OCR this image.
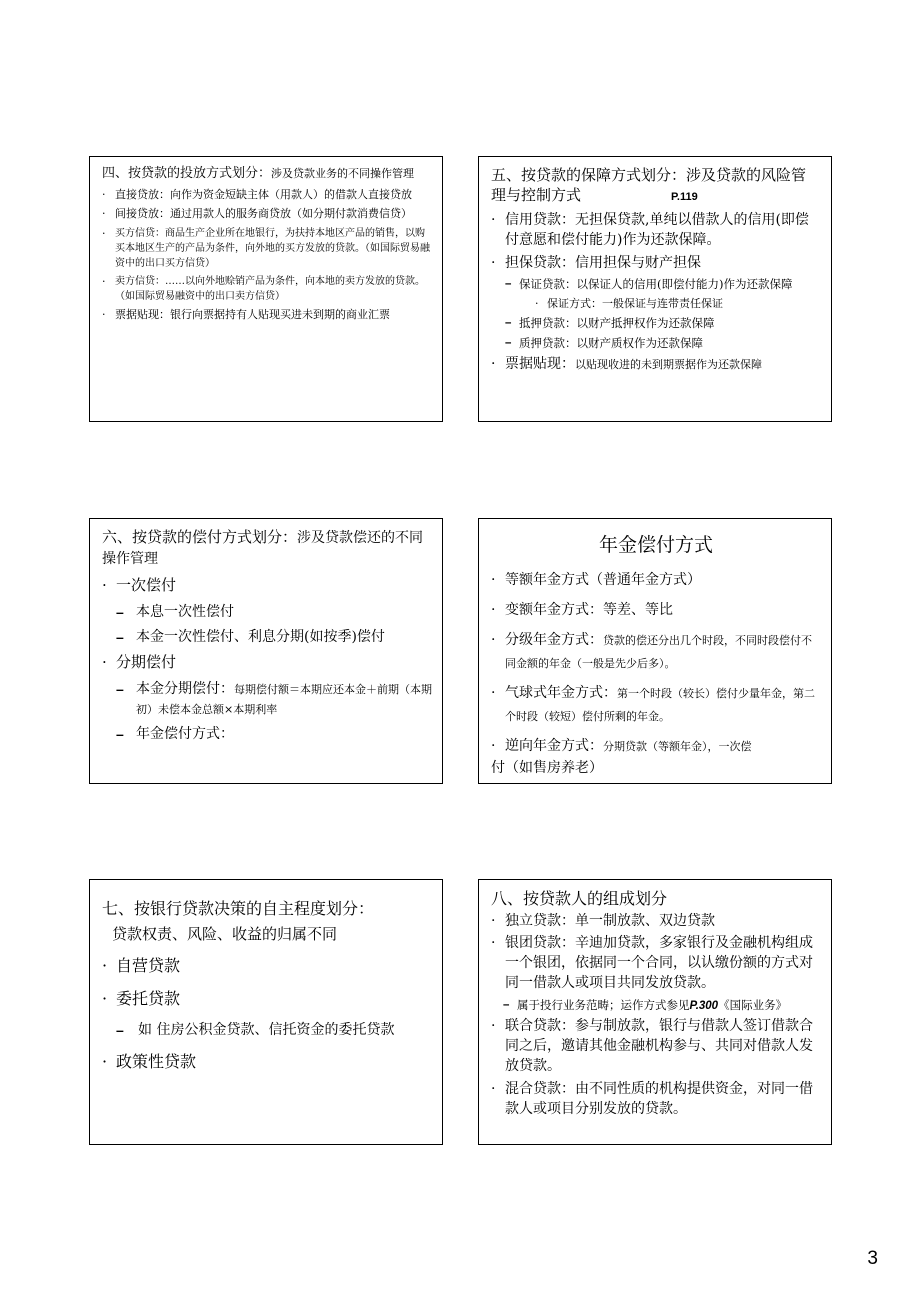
四、按贷款的投放方式划分：涉及贷款业务的不同操作管理
· 直接贷放：向作为资金短缺主体（用款人）的借款人直接贷放
· 间接贷放：通过用款人的服务商贷放（如分期付款消费信贷）
· 买方信贷：商品生产企业所在地银行，为扶持本地区产品的销售，以购买本地区生产的产品为条件，向外地的买方发放的贷款。（如国际贸易融资中的出口买方信贷）
· 卖方信贷：……以向外地赊销产品为条件，向本地的卖方发放的贷款。 （如国际贸易融资中的出口卖方信贷）
· 票据贴现：银行向票据持有人贴现买进未到期的商业汇票
五、按贷款的保障方式划分：涉及贷款的风险管理与控制方式	P.119
· 信用贷款：无担保贷款,单纯以借款人的信用(即偿付意愿和偿付能力)作为还款保障。
· 担保贷款：信用担保与财产担保
– 保证贷款：以保证人的信用(即偿付能力)作为还款保障
· 保证方式：一般保证与连带责任保证
– 抵押贷款：以财产抵押权作为还款保障
– 质押贷款：以财产质权作为还款保障
· 票据贴现：以贴现收进的未到期票据作为还款保障
六、按贷款的偿付方式划分：涉及贷款偿还的不同操作管理
· 一次偿付
– 本息一次性偿付
– 本金一次性偿付、利息分期(如按季)偿付
· 分期偿付
– 本金分期偿付：每期偿付额＝本期应还本金＋前期（本期初）未偿本金总额×本期利率
– 年金偿付方式：
年金偿付方式
· 等额年金方式（普通年金方式）
· 变额年金方式：等差、等比
· 分级年金方式：贷款的偿还分出几个时段，不同时段偿付不同金额的年金（一般是先少后多）。
· 气球式年金方式：第一个时段（较长）偿付少量年金，第二个时段（较短）偿付所剩的年金。
· 逆向年金方式：分期贷款（等额年金），一次偿
付（如售房养老）
七、按银行贷款决策的自主程度划分：
贷款权责、风险、收益的归属不同
· 自营贷款
· 委托贷款
–	如 住房公积金贷款、信托资金的委托贷款
· 政策性贷款
八、按贷款人的组成划分
· 独立贷款：单一制放款、双边贷款
· 银团贷款：辛迪加贷款，多家银行及金融机构组成一个银团，依据同一个合同，以认缴份额的方式对同一借款人或项目共同发放贷款。
– 属于投行业务范畴；运作方式参见P.300《国际业务》
· 联合贷款：参与制放款，银行与借款人签订借款合同之后，邀请其他金融机构参与、共同对借款人发放贷款。
· 混合贷款：由不同性质的机构提供资金，对同一借款人或项目分别发放的贷款。
3
